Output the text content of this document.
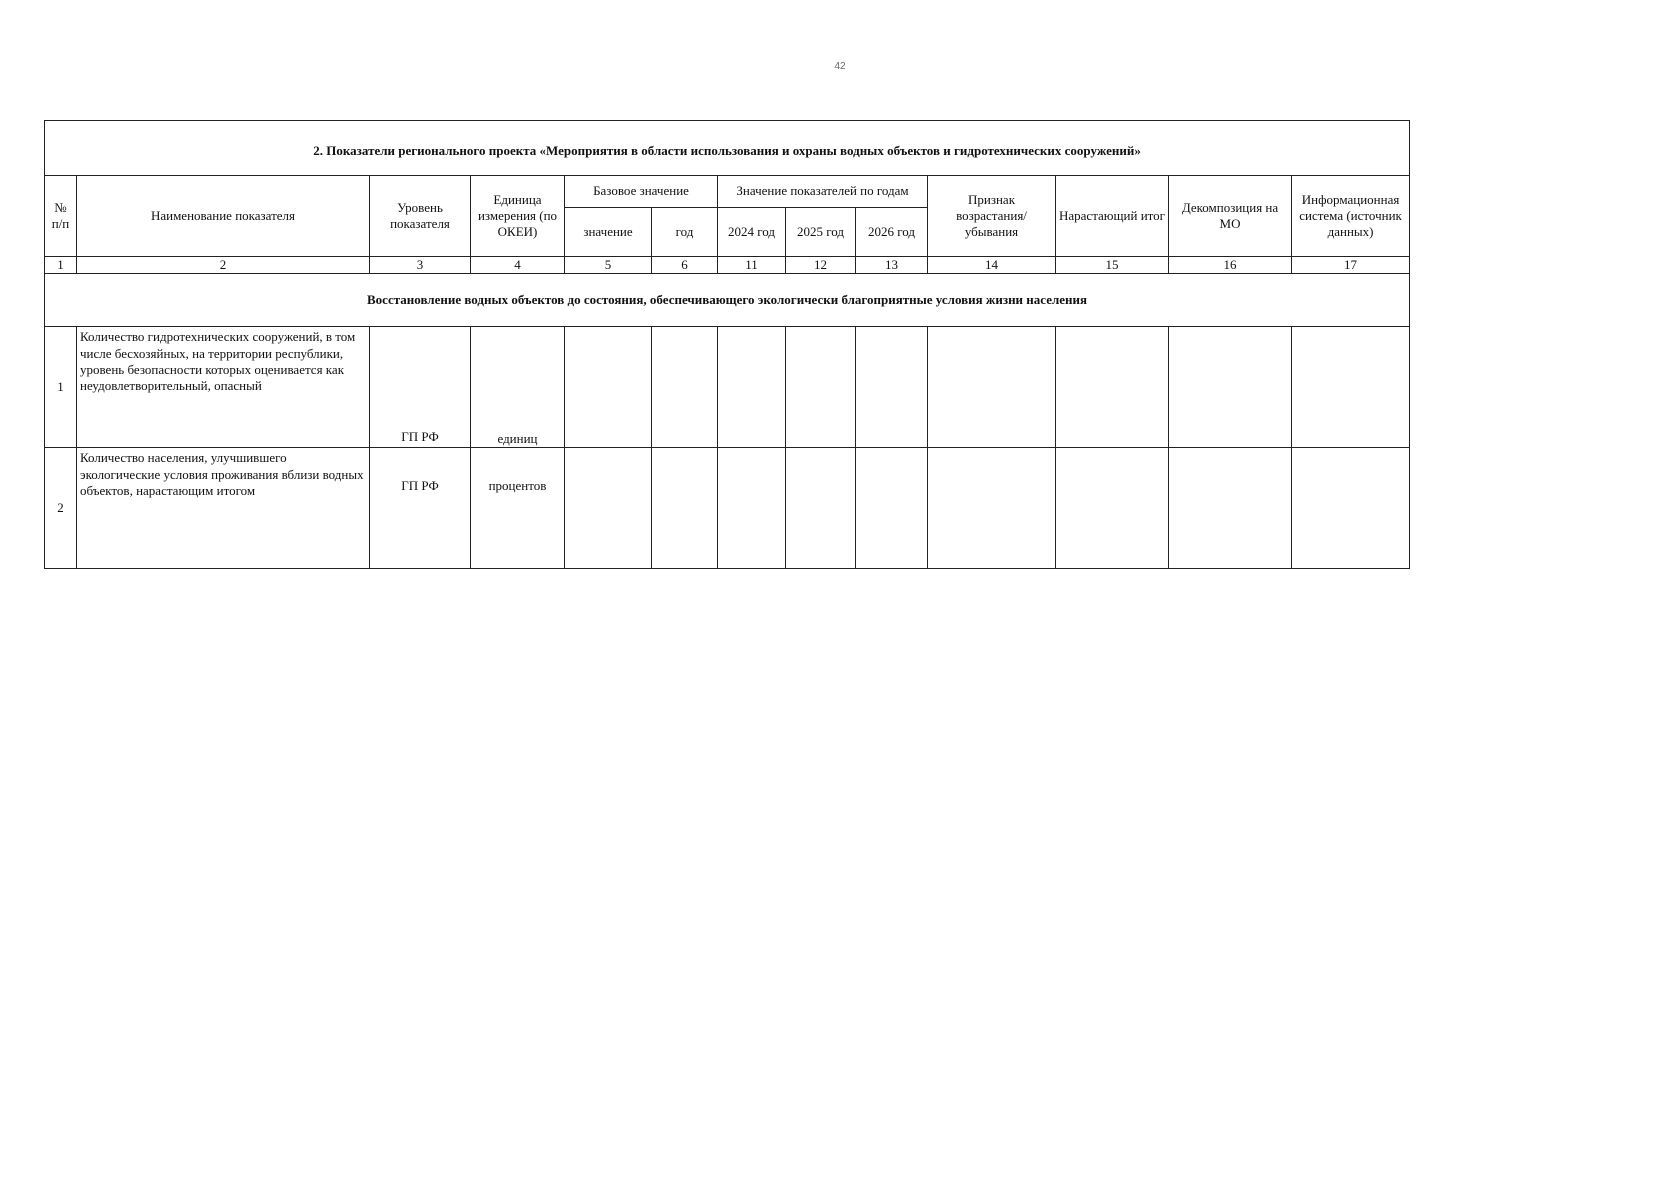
42
2. Показатели регионального проекта «Мероприятия в области использования и охраны водных объектов и гидротехнических сооружений»												
№ п/п	Наименование показателя	Уровень показателя	Единица измерения (по ОКЕИ)	Базовое значение		Значение показателей по годам			Признак возрастания/ убывания	Нарастающий итог	Декомпозиция на МО	Информационная система (источник данных)
				значение	год	2024 год	2025 год	2026 год				
1	2	3	4	5	6	11	12	13	14	15	16	17
Восстановление водных объектов до состояния, обеспечивающего экологически благоприятные условия жизни населения												
1	Количество гидротехнических сооружений, в том числе бесхозяйных, на территории республики, уровень безопасности которых оценивается как неудовлетворительный, опасный	ГП РФ	единиц									
2	Количество населения, улучшившего экологические условия проживания вблизи водных объектов, нарастающим итогом	ГП РФ	процентов									
